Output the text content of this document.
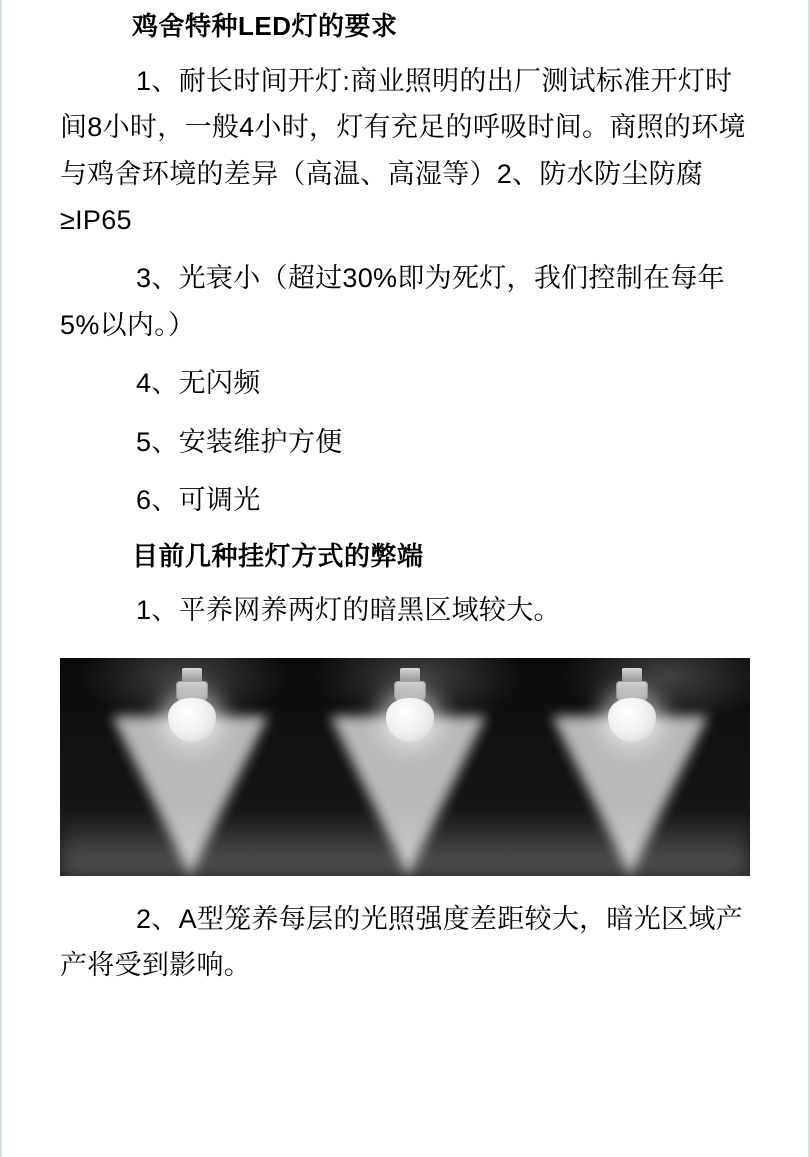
鸡舍特种LED灯的要求

1、耐长时间开灯:商业照明的出厂测试标准开灯时间8小时，一般4小时，灯有充足的呼吸时间。商照的环境与鸡舍环境的差异（高温、高湿等）2、防水防尘防腐≥IP65

3、光衰小（超过30%即为死灯，我们控制在每年5%以内。）

4、无闪频

5、安装维护方便

6、可调光

目前几种挂灯方式的弊端

1、平养网养两灯的暗黑区域较大。

2、A型笼养每层的光照强度差距较大，暗光区域产产将受到影响。
